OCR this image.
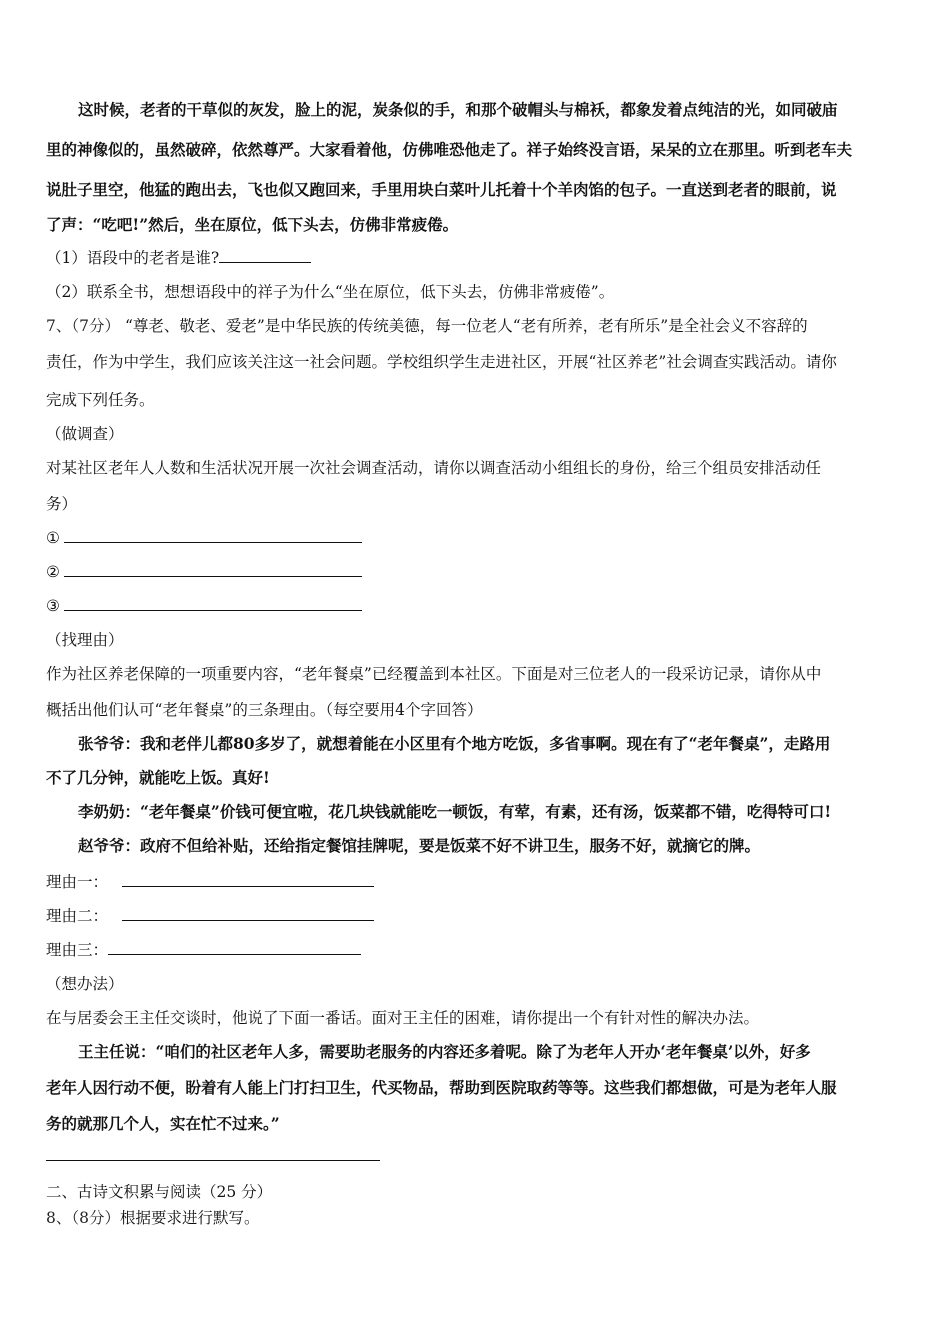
这时候，老者的干草似的灰发，脸上的泥，炭条似的手，和那个破帽头与棉袄，都象发着点纯洁的光，如同破庙
里的神像似的，虽然破碎，依然尊严。大家看着他，仿佛唯恐他走了。祥子始终没言语，呆呆的立在那里。听到老车夫
说肚子里空，他猛的跑出去，飞也似又跑回来，手里用块白菜叶儿托着十个羊肉馅的包子。一直送到老者的眼前，说
了声：“吃吧!”然后，坐在原位，低下头去，仿佛非常疲倦。
（1）语段中的老者是谁?
（2）联系全书，想想语段中的祥子为什么“坐在原位，低下头去，仿佛非常疲倦”。
7、（7分） “尊老、敬老、爱老”是中华民族的传统美德，每一位老人“老有所养，老有所乐”是全社会义不容辞的
责任，作为中学生，我们应该关注这一社会问题。学校组织学生走进社区，开展“社区养老”社会调查实践活动。请你
完成下列任务。
（做调查）
对某社区老年人人数和生活状况开展一次社会调查活动，请你以调查活动小组组长的身份，给三个组员安排活动任
务）
①
②
③
（找理由）
作为社区养老保障的一项重要内容，“老年餐桌”已经覆盖到本社区。下面是对三位老人的一段采访记录，请你从中
概括出他们认可“老年餐桌”的三条理由。（每空要用4个字回答）
张爷爷：我和老伴儿都80多岁了，就想着能在小区里有个地方吃饭，多省事啊。现在有了“老年餐桌”，走路用
不了几分钟，就能吃上饭。真好!
李奶奶：“老年餐桌”价钱可便宜啦，花几块钱就能吃一顿饭，有荤，有素，还有汤，饭菜都不错，吃得特可口!
赵爷爷：政府不但给补贴，还给指定餐馆挂牌呢，要是饭菜不好不讲卫生，服务不好，就摘它的牌。
理由一：
理由二：
理由三：
（想办法）
在与居委会王主任交谈时，他说了下面一番话。面对王主任的困难，请你提出一个有针对性的解决办法。
王主任说：“咱们的社区老年人多，需要助老服务的内容还多着呢。除了为老年人开办‘老年餐桌’以外，好多
老年人因行动不便，盼着有人能上门打扫卫生，代买物品，帮助到医院取药等等。这些我们都想做，可是为老年人服
务的就那几个人，实在忙不过来。”
二、古诗文积累与阅读（25 分）
8、（8分）根据要求进行默写。
